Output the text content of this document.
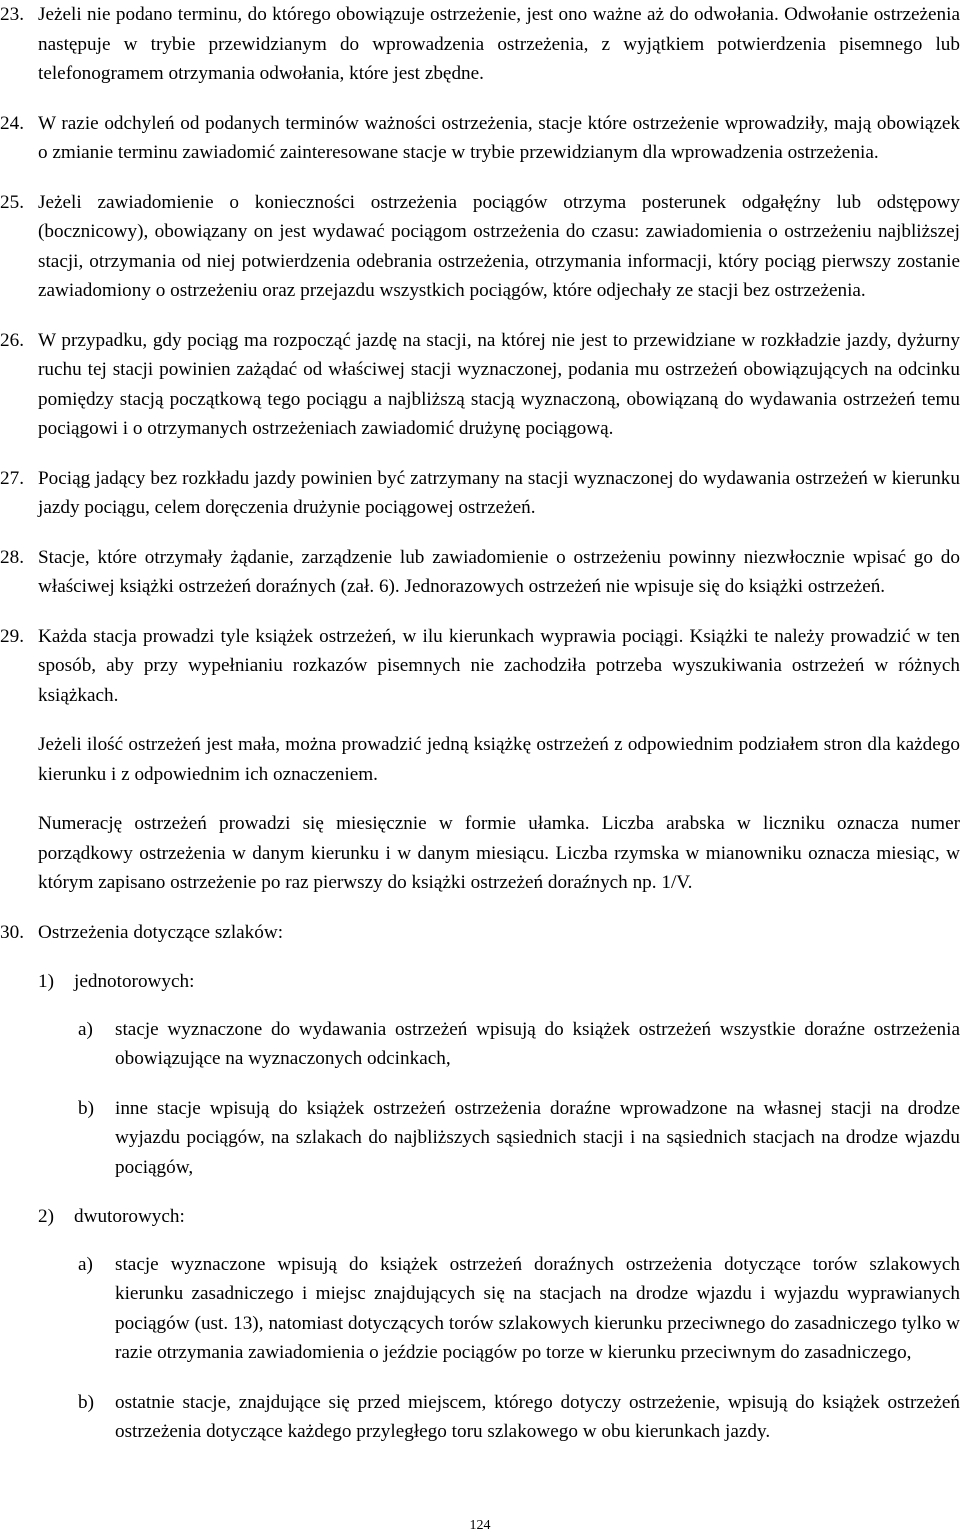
23. Jeżeli nie podano terminu, do którego obowiązuje ostrzeżenie, jest ono ważne aż do odwołania. Odwołanie ostrzeżenia następuje w trybie przewidzianym do wprowadzenia ostrzeżenia, z wyjątkiem potwierdzenia pisemnego lub telefonogramem otrzymania odwołania, które jest zbędne.
24. W razie odchyleń od podanych terminów ważności ostrzeżenia, stacje które ostrzeżenie wprowadziły, mają obowiązek o zmianie terminu zawiadomić zainteresowane stacje w trybie przewidzianym dla wprowadzenia ostrzeżenia.
25. Jeżeli zawiadomienie o konieczności ostrzeżenia pociągów otrzyma posterunek odgałęźny lub odstępowy (bocznicowy), obowiązany on jest wydawać pociągom ostrzeżenia do czasu: zawiadomienia o ostrzeżeniu najbliższej stacji, otrzymania od niej potwierdzenia odebrania ostrzeżenia, otrzymania informacji, który pociąg pierwszy zostanie zawiadomiony o ostrzeżeniu oraz przejazdu wszystkich pociągów, które odjechały ze stacji bez ostrzeżenia.
26. W przypadku, gdy pociąg ma rozpocząć jazdę na stacji, na której nie jest to przewidziane w rozkładzie jazdy, dyżurny ruchu tej stacji powinien zażądać od właściwej stacji wyznaczonej, podania mu ostrzeżeń obowiązujących na odcinku pomiędzy stacją początkową tego pociągu a najbliższą stacją wyznaczoną, obowiązaną do wydawania ostrzeżeń temu pociągowi i o otrzymanych ostrzeżeniach zawiadomić drużynę pociągową.
27. Pociąg jadący bez rozkładu jazdy powinien być zatrzymany na stacji wyznaczonej do wydawania ostrzeżeń w kierunku jazdy pociągu, celem doręczenia drużynie pociągowej ostrzeżeń.
28. Stacje, które otrzymały żądanie, zarządzenie lub zawiadomienie o ostrzeżeniu powinny niezwłocznie wpisać go do właściwej książki ostrzeżeń doraźnych (zał. 6). Jednorazowych ostrzeżeń nie wpisuje się do książki ostrzeżeń.
29. Każda stacja prowadzi tyle książek ostrzeżeń, w ilu kierunkach wyprawia pociągi. Książki te należy prowadzić w ten sposób, aby przy wypełnianiu rozkazów pisemnych nie zachodziła potrzeba wyszukiwania ostrzeżeń w różnych książkach.
Jeżeli ilość ostrzeżeń jest mała, można prowadzić jedną książkę ostrzeżeń z odpowiednim podziałem stron dla każdego kierunku i z odpowiednim ich oznaczeniem.
Numerację ostrzeżeń prowadzi się miesięcznie w formie ułamka. Liczba arabska w liczniku oznacza numer porządkowy ostrzeżenia w danym kierunku i w danym miesiącu. Liczba rzymska w mianowniku oznacza miesiąc, w którym zapisano ostrzeżenie po raz pierwszy do książki ostrzeżeń doraźnych np. 1/V.
30. Ostrzeżenia dotyczące szlaków:
1) jednotorowych:
a) stacje wyznaczone do wydawania ostrzeżeń wpisują do książek ostrzeżeń wszystkie doraźne ostrzeżenia obowiązujące na wyznaczonych odcinkach,
b) inne stacje wpisują do książek ostrzeżeń ostrzeżenia doraźne wprowadzone na własnej stacji na drodze wyjazdu pociągów, na szlakach do najbliższych sąsiednich stacji i na sąsiednich stacjach na drodze wjazdu pociągów,
2) dwutorowych:
a) stacje wyznaczone wpisują do książek ostrzeżeń doraźnych ostrzeżenia dotyczące torów szlakowych kierunku zasadniczego i miejsc znajdujących się na stacjach na drodze wjazdu i wyjazdu wyprawianych pociągów (ust. 13), natomiast dotyczących torów szlakowych kierunku przeciwnego do zasadniczego tylko w razie otrzymania zawiadomienia o jeździe pociągów po torze w kierunku przeciwnym do zasadniczego,
b) ostatnie stacje, znajdujące się przed miejscem, którego dotyczy ostrzeżenie, wpisują do książek ostrzeżeń ostrzeżenia dotyczące każdego przyległego toru szlakowego w obu kierunkach jazdy.
124
